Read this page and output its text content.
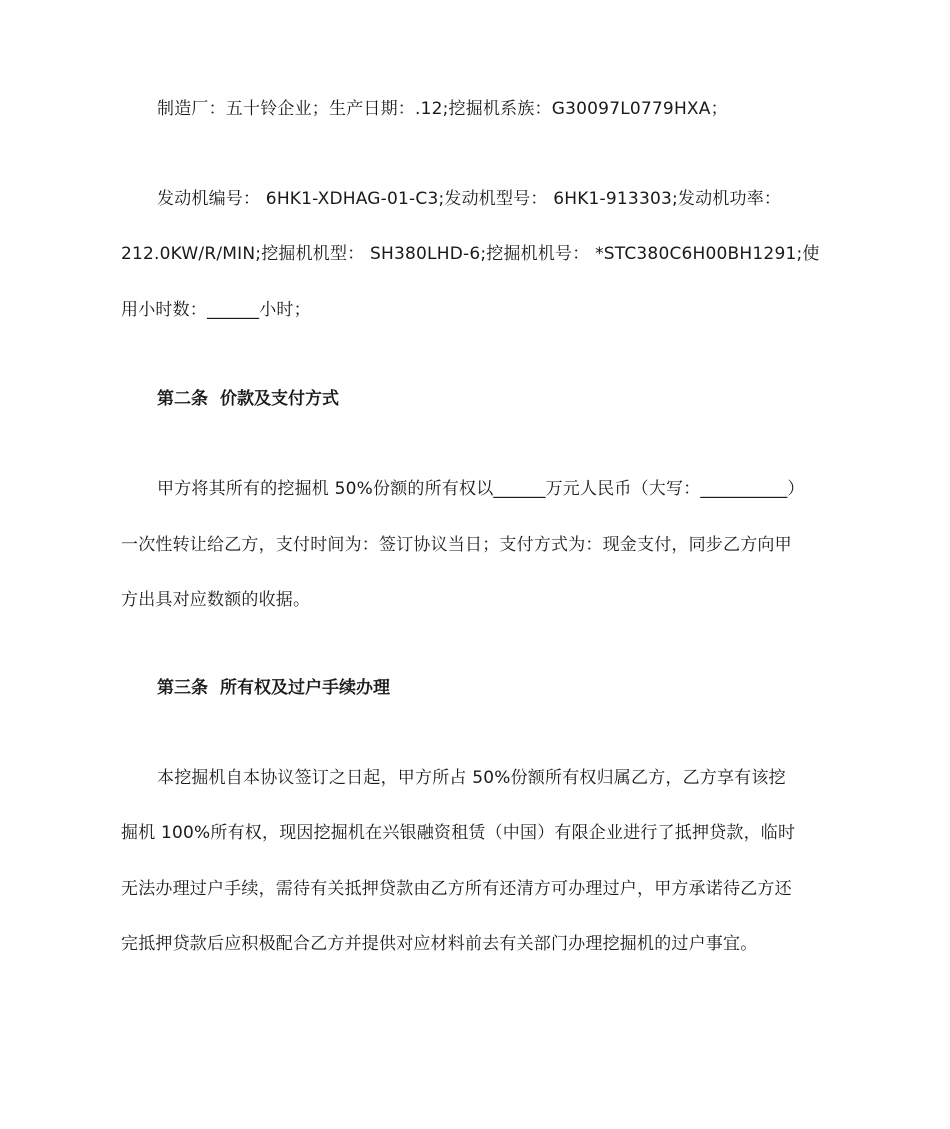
制造厂：五十铃企业；生产日期：.12;挖掘机系族：G30097L0779HXA；
发动机编号： 6HK1-XDHAG-01-C3;发动机型号： 6HK1-913303;发动机功率：
212.0KW/R/MIN;挖掘机机型： SH380LHD-6;挖掘机机号： *STC380C6H00BH1291;使
用小时数：______小时；
第二条 价款及支付方式
甲方将其所有的挖掘机 50%份额的所有权以______万元人民币（大写：__________）
一次性转让给乙方，支付时间为：签订协议当日；支付方式为：现金支付，同步乙方向甲
方出具对应数额的收据。
第三条 所有权及过户手续办理
本挖掘机自本协议签订之日起，甲方所占 50%份额所有权归属乙方，乙方享有该挖
掘机 100%所有权，现因挖掘机在兴银融资租赁（中国）有限企业进行了抵押贷款，临时
无法办理过户手续，需待有关抵押贷款由乙方所有还清方可办理过户，甲方承诺待乙方还
完抵押贷款后应积极配合乙方并提供对应材料前去有关部门办理挖掘机的过户事宜。
